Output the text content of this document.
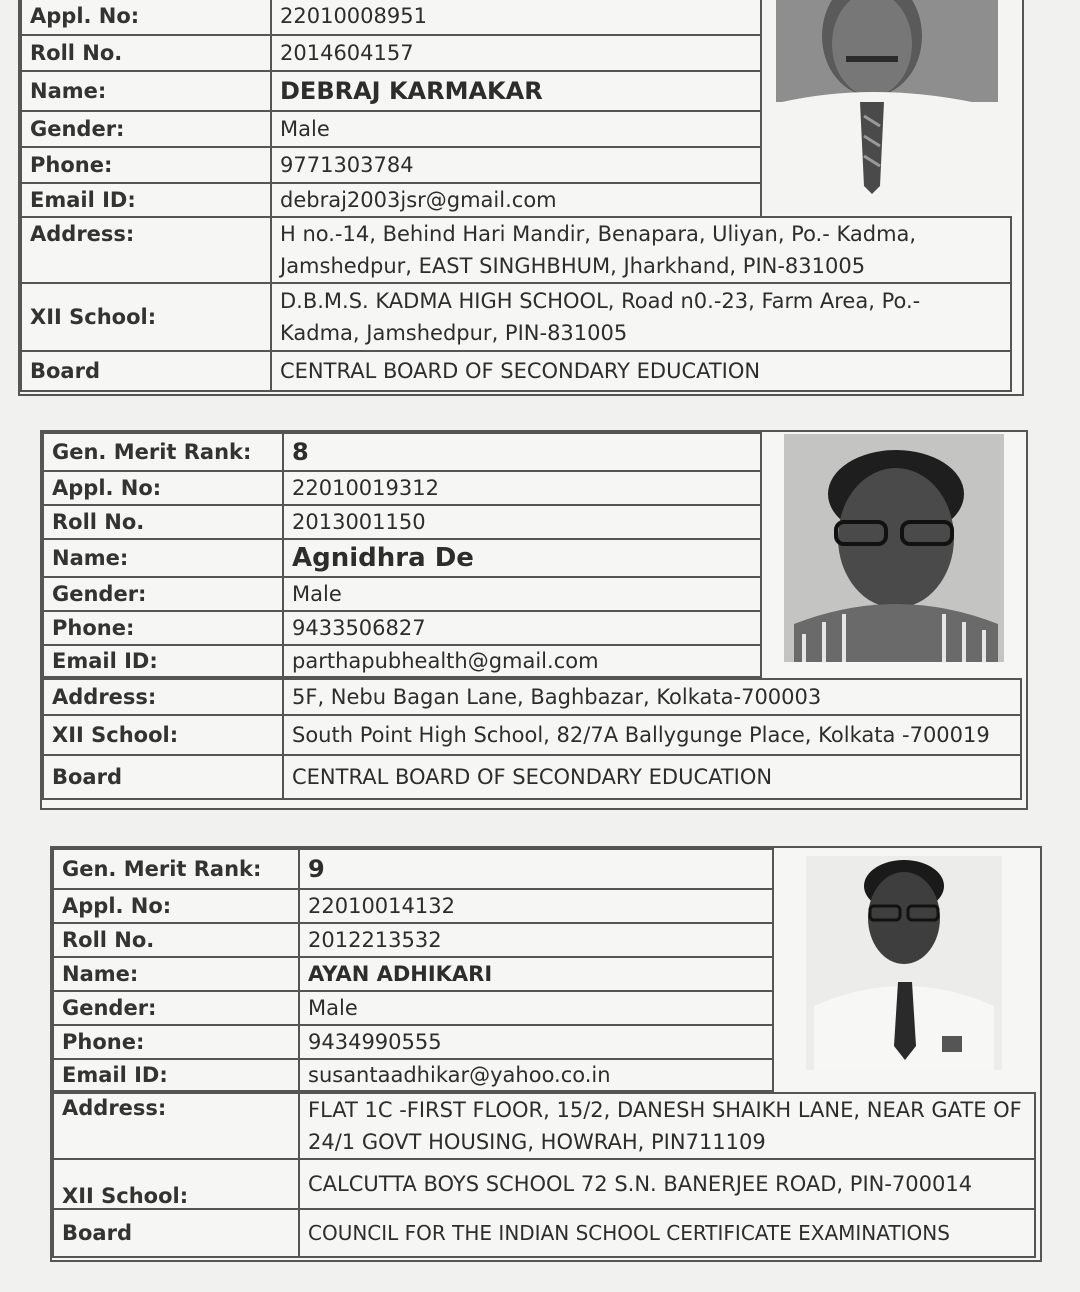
Appl. No:	22010008951
Roll No.	2014604157
Name:	DEBRAJ KARMAKAR
Gender:	Male
Phone:	9771303784
Email ID:	debraj2003jsr@gmail.com
Address:	H no.-14, Behind Hari Mandir, Benapara, Uliyan, Po.- Kadma, Jamshedpur, EAST SINGHBHUM, Jharkhand, PIN-831005
XII School:	D.B.M.S. KADMA HIGH SCHOOL, Road n0.-23, Farm Area, Po.- Kadma, Jamshedpur, PIN-831005
Board	CENTRAL BOARD OF SECONDARY EDUCATION
Gen. Merit Rank:	8
Appl. No:	22010019312
Roll No.	2013001150
Name:	Agnidhra De
Gender:	Male
Phone:	9433506827
Email ID:	parthapubhealth@gmail.com
Address:	5F, Nebu Bagan Lane, Baghbazar, Kolkata-700003
XII School:	South Point High School, 82/7A Ballygunge Place, Kolkata -700019
Board	CENTRAL BOARD OF SECONDARY EDUCATION
Gen. Merit Rank:	9
Appl. No:	22010014132
Roll No.	2012213532
Name:	AYAN ADHIKARI
Gender:	Male
Phone:	9434990555
Email ID:	susantaadhikar@yahoo.co.in
Address:	FLAT 1C -FIRST FLOOR, 15/2, DANESH SHAIKH LANE, NEAR GATE OF 24/1 GOVT HOUSING, HOWRAH, PIN711109
XII School:	CALCUTTA BOYS SCHOOL 72 S.N. BANERJEE ROAD, PIN-700014
Board	COUNCIL FOR THE INDIAN SCHOOL CERTIFICATE EXAMINATIONS
